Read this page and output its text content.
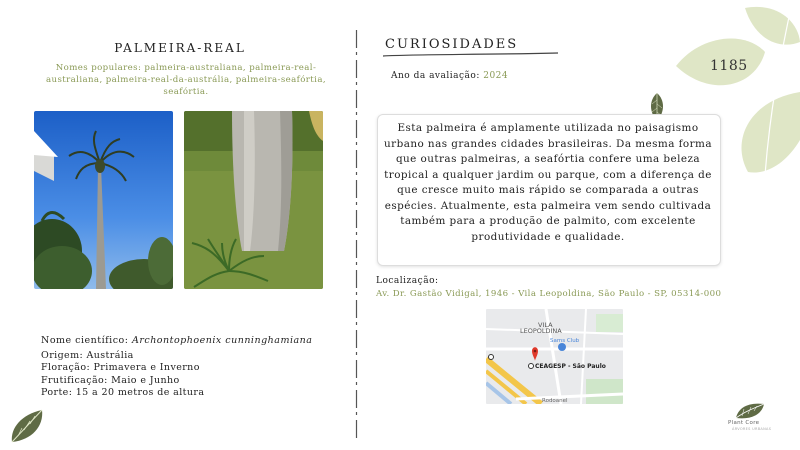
PALMEIRA-REAL
Nomes populares: palmeira-australiana, palmeira-real-australiana, palmeira-real-da-austrália, palmeira-seafórtia, seafórtia.
Nome científico: Archontophoenix cunninghamiana
Origem: Austrália
Floração: Primavera e Inverno
Frutificação: Maio e Junho
Porte: 15 a 20 metros de altura
CURIOSIDADES
Ano da avaliação: 2024
1185
Esta palmeira é amplamente utilizada no paisagismo urbano nas grandes cidades brasileiras. Da mesma forma que outras palmeiras, a seafórtia confere uma beleza tropical a qualquer jardim ou parque, com a diferença de que cresce muito mais rápido se comparada a outras espécies. Atualmente, esta palmeira vem sendo cultivada também para a produção de palmito, com excelente produtividade e qualidade.
Localização:
Av. Dr. Gastão Vidigal, 1946 - Vila Leopoldina, São Paulo - SP, 05314-000
VILA
LEOPOLDINA
Sams Club
CEAGESP - São Paulo
Rodoanel
Plant Core
ÁRVORES URBANAS
